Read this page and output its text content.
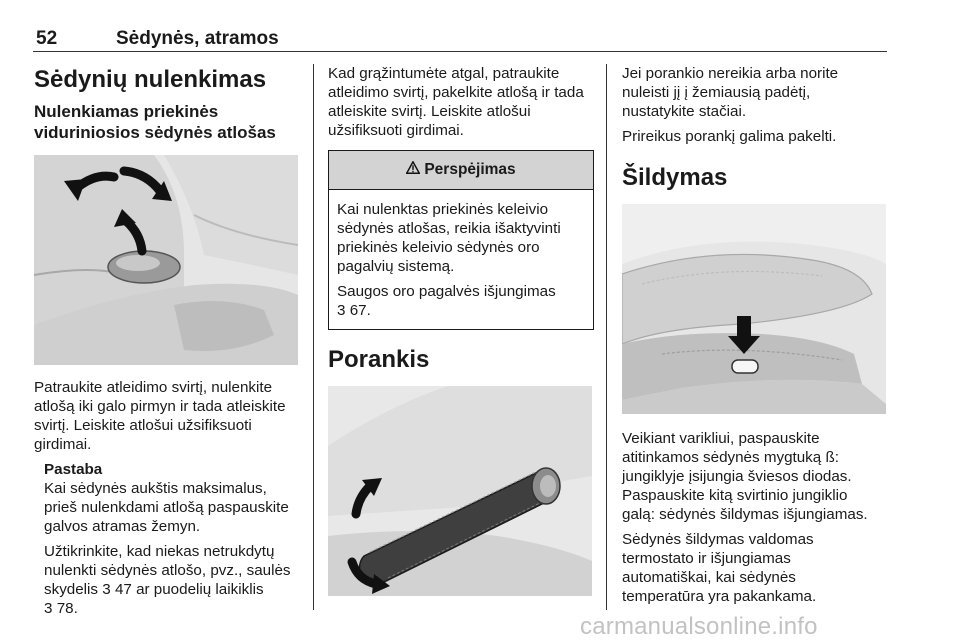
52	Sėdynės, atramos
Sėdynių nulenkimas
Nulenkiamas priekinės
viduriniosios sėdynės atlošas

Patraukite atleidimo svirtį, nulenkite

atlošą iki galo pirmyn ir tada atleiskite

svirtį. Leiskite atlošui užsifiksuoti

girdimai.

Pastaba

Kai sėdynės aukštis maksimalus,

prieš nulenkdami atlošą paspauskite

galvos atramas žemyn.

Užtikrinkite, kad niekas netrukdytų

nulenkti sėdynės atlošo, pvz., saulės

skydelis 3 47 ar puodelių laikiklis

3 78.

Kad grąžintumėte atgal, patraukite

atleidimo svirtį, pakelkite atlošą ir tada

atleiskite svirtį. Leiskite atlošui

užsifiksuoti girdimai.

Perspėjimas

Kai nulenktas priekinės keleivio

sėdynės atlošas, reikia išaktyvinti

priekinės keleivio sėdynės oro

pagalvių sistemą.

Saugos oro pagalvės išjungimas

3 67.

Porankis

Jei porankio nereikia arba norite

nuleisti jį į žemiausią padėtį,

nustatykite stačiai.

Prireikus porankį galima pakelti.

Šildymas

Veikiant varikliui, paspauskite

atitinkamos sėdynės mygtuką ß:

jungiklyje įsijungia šviesos diodas.

Paspauskite kitą svirtinio jungiklio

galą: sėdynės šildymas išjungiamas.

Sėdynės šildymas valdomas

termostato ir išjungiamas

automatiškai, kai sėdynės

temperatūra yra pakankama.

carmanualsonline.info
